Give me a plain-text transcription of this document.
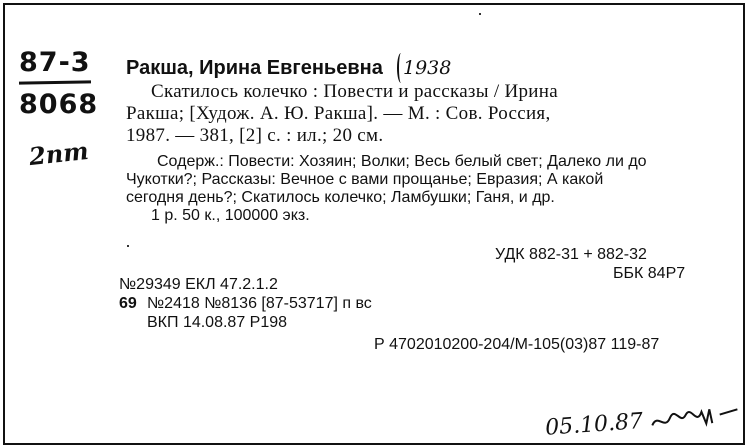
87-3
8068
2пт
Ракша, Ирина Евгеньевна 1938
Скатилось колечко : Повести и рассказы / Ирина
Ракша; [Худож. А. Ю. Ракша]. — М. : Сов. Россия,
1987. — 381, [2] с. : ил.; 20 см.
Содерж.: Повести: Хозяин; Волки; Весь белый свет; Далеко ли до
Чукотки?; Рассказы: Вечное с вами прощанье; Евразия; А какой
сегодня день?; Скатилось колечко; Ламбушки; Ганя, и др.
1 р. 50 к., 100000 экз.
УДК 882-31 + 882-32
ББК 84Р7
№29349 ЕКЛ 47.2.1.2
69 №2418 №8136 [87-53717] п вс
ВКП 14.08.87 Р198
Р 4702010200-204/М-105(03)87 119-87
05.10.87
